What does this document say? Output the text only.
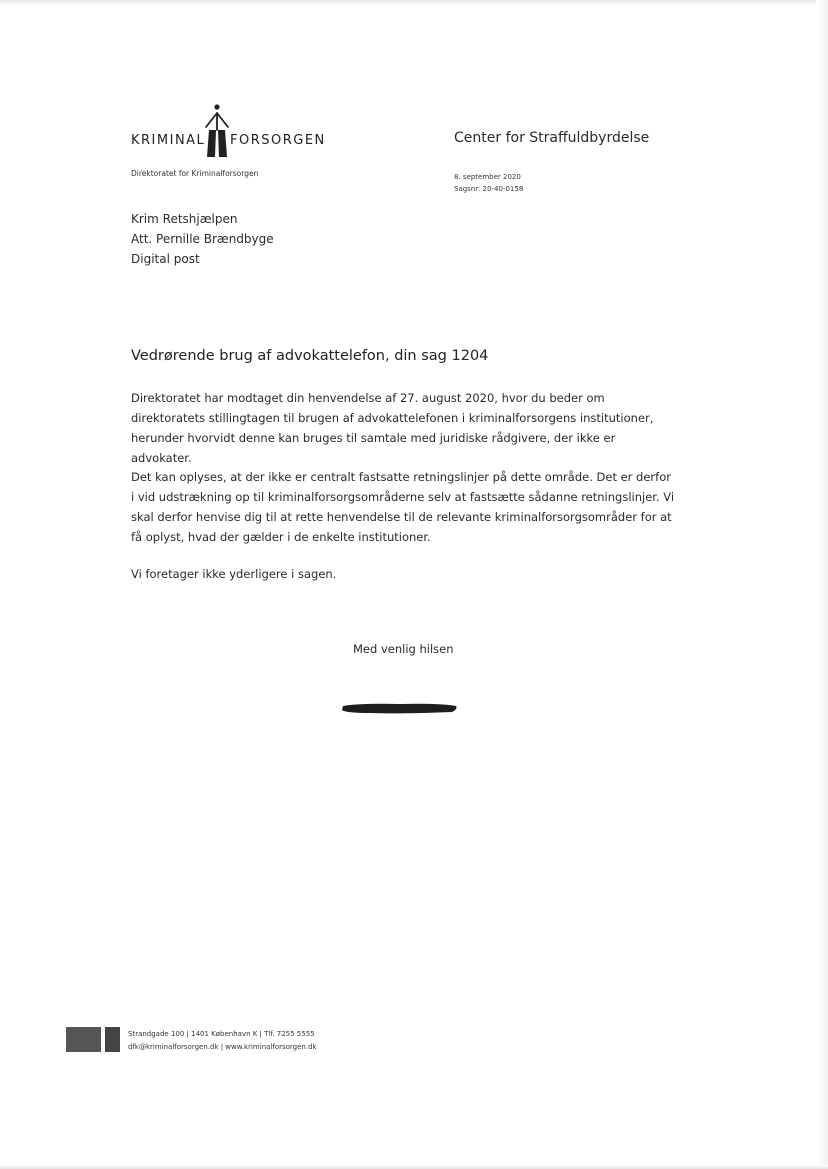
KRIMINAL FORSORGEN
Direktoratet for Kriminalforsorgen
Center for Straffuldbyrdelse
8. september 2020
Sagsnr: 20-40-0158
Krim Retshjælpen
Att. Pernille Brændbyge
Digital post
Vedrørende brug af advokattelefon, din sag 1204

Direktoratet har modtaget din henvendelse af 27. august 2020, hvor du beder om direktoratets stillingtagen til brugen af advokattelefonen i kriminalforsorgens institutioner, herunder hvorvidt denne kan bruges til samtale med juridiske rådgivere, der ikke er advokater.

Det kan oplyses, at der ikke er centralt fastsatte retningslinjer på dette område. Det er derfor i vid udstrækning op til kriminalforsorgsområderne selv at fastsætte sådanne retningslinjer. Vi skal derfor henvise dig til at rette henvendelse til de relevante kriminalforsorgsområder for at få oplyst, hvad der gælder i de enkelte institutioner.

Vi foretager ikke yderligere i sagen.

Med venlig hilsen
Strandgade 100 | 1401 København K | Tlf. 7255 5555
dfk@kriminalforsorgen.dk | www.kriminalforsorgen.dk
